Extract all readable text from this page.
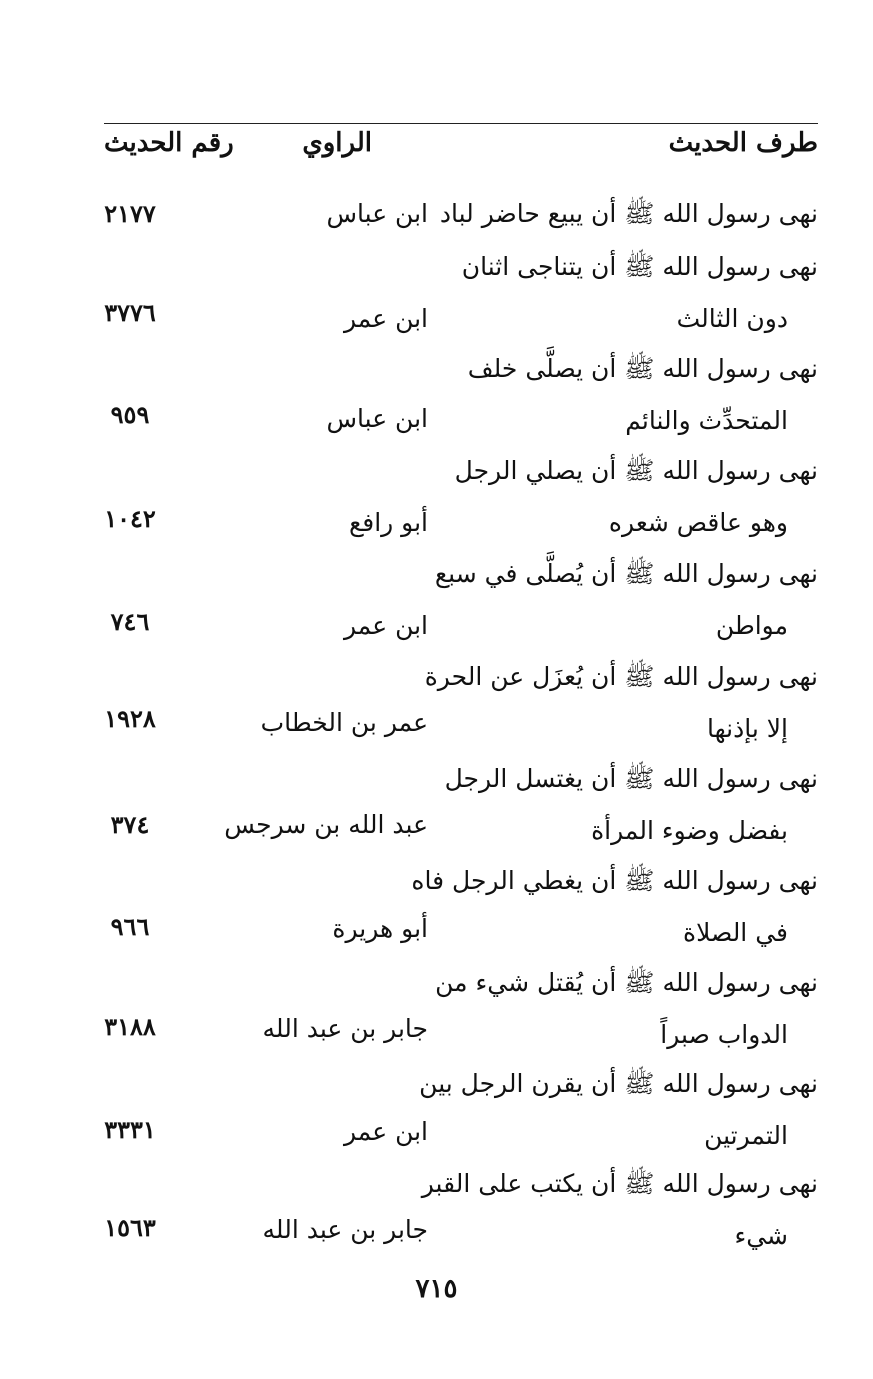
طرف الحديث
الراوي
رقم الحديث
نهى رسول الله ﷺ أن يبيع حاضر لباد
ابن عباس
٢١٧٧
نهى رسول الله ﷺ أن يتناجى اثنان
دون الثالث
ابن عمر
٣٧٧٦
نهى رسول الله ﷺ أن يصلَّى خلف
المتحدِّث والنائم
ابن عباس
٩٥٩
نهى رسول الله ﷺ أن يصلي الرجل
وهو عاقص شعره
أبو رافع
١٠٤٢
نهى رسول الله ﷺ أن يُصلَّى في سبع
مواطن
ابن عمر
٧٤٦
نهى رسول الله ﷺ أن يُعزَل عن الحرة
إلا بإذنها
عمر بن الخطاب
١٩٢٨
نهى رسول الله ﷺ أن يغتسل الرجل
بفضل وضوء المرأة
عبد الله بن سرجس
٣٧٤
نهى رسول الله ﷺ أن يغطي الرجل فاه
في الصلاة
أبو هريرة
٩٦٦
نهى رسول الله ﷺ أن يُقتل شيء من
الدواب صبراً
جابر بن عبد الله
٣١٨٨
نهى رسول الله ﷺ أن يقرن الرجل بين
التمرتين
ابن عمر
٣٣٣١
نهى رسول الله ﷺ أن يكتب على القبر
شيء
جابر بن عبد الله
١٥٦٣
٧١٥
